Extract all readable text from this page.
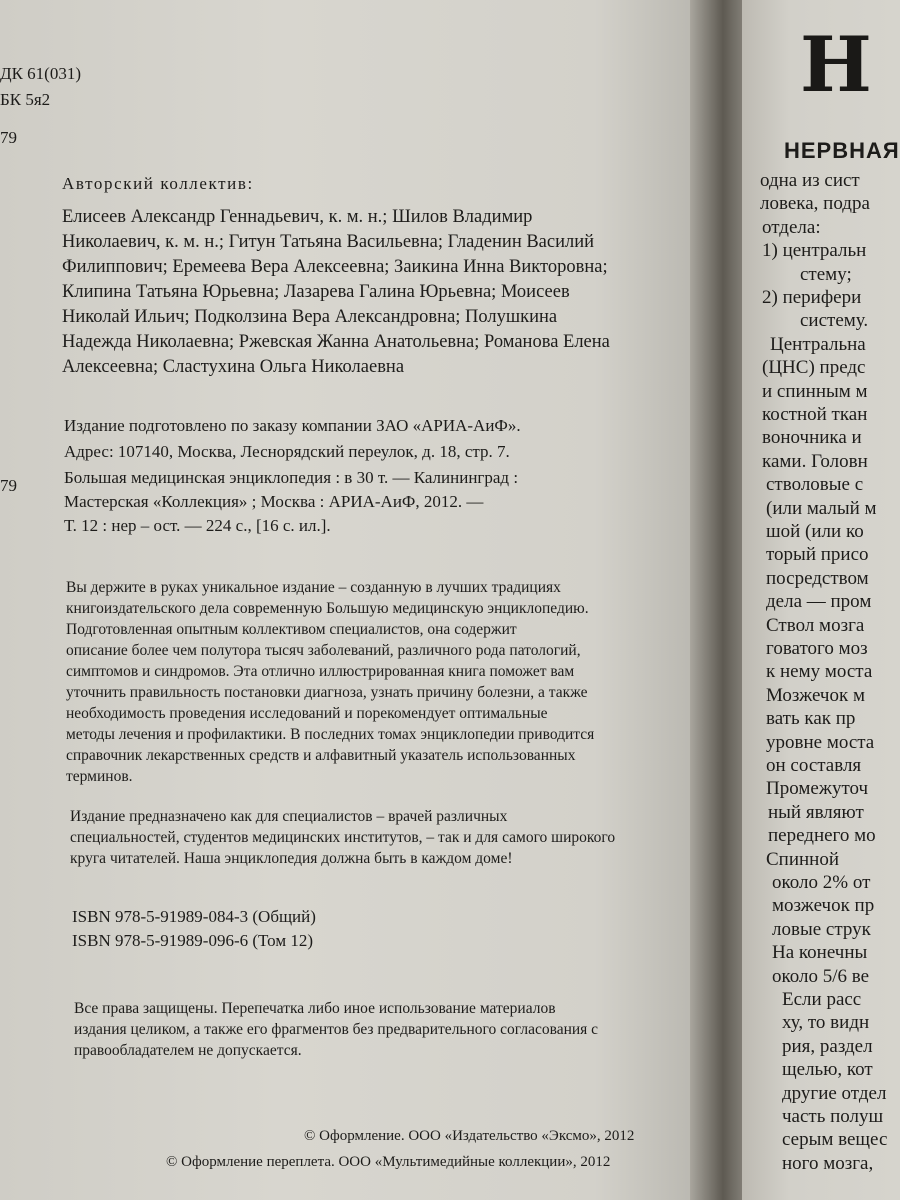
ДК 61(031)
БК 5я2
79
Авторский коллектив:
Елисеев Александр Геннадьевич, к. м. н.; Шилов Владимир
Николаевич, к. м. н.; Гитун Татьяна Васильевна; Гладенин Василий
Филиппович; Еремеева Вера Алексеевна; Заикина Инна Викторовна;
Клипина Татьяна Юрьевна; Лазарева Галина Юрьевна; Моисеев
Николай Ильич; Подколзина Вера Александровна; Полушкина
Надежда Николаевна; Ржевская Жанна Анатольевна; Романова Елена
Алексеевна; Сластухина Ольга Николаевна
Издание подготовлено по заказу компании ЗАО «АРИА-АиФ».
Адрес: 107140, Москва, Леснорядский переулок, д. 18, стр. 7.
79	Большая медицинская энциклопедия : в 30 т. — Калининград :
Мастерская «Коллекция» ; Москва : АРИА-АиФ, 2012. —
Т. 12 : нер – ост. — 224 с., [16 с. ил.].
Вы держите в руках уникальное издание – созданную в лучших традициях
книгоиздательского дела современную Большую медицинскую энциклопедию.
Подготовленная опытным коллективом специалистов, она содержит
описание более чем полутора тысяч заболеваний, различного рода патологий,
симптомов и синдромов. Эта отлично иллюстрированная книга поможет вам
уточнить правильность постановки диагноза, узнать причину болезни, а также
необходимость проведения исследований и порекомендует оптимальные
методы лечения и профилактики. В последних томах энциклопедии приводится
справочник лекарственных средств и алфавитный указатель использованных
терминов.
Издание предназначено как для специалистов – врачей различных
специальностей, студентов медицинских институтов, – так и для самого широкого
круга читателей. Наша энциклопедия должна быть в каждом доме!
ISBN 978-5-91989-084-3 (Общий)
ISBN 978-5-91989-096-6 (Том 12)
Все права защищены. Перепечатка либо иное использование материалов
издания целиком, а также его фрагментов без предварительного согласования с
правообладателем не допускается.
© Оформление. ООО «Издательство «Эксмо», 2012
© Оформление переплета. ООО «Мультимедийные коллекции», 2012
Н
НЕРВНАЯ
одна из сист
ловека, подра
отдела:
1) центральн
стему;
2) перифери
систему.
Центральна
(ЦНС) предс
и спинным м
костной ткан
воночника и
ками. Головн
стволовые с
(или малый м
шой (или ко
торый присо
посредством
дела — пром
Ствол мозга
говатого моз
к нему моста
Мозжечок м
вать как пр
уровне моста
он составля
Промежуточ
ный являют
переднего мо
Спинной
около 2% от
мозжечок пр
ловые струк
На конечны
около 5/6 ве
Если расс
ху, то видн
рия, раздел
щелью, кот
другие отдел
часть полуш
серым вещес
ного мозга,
